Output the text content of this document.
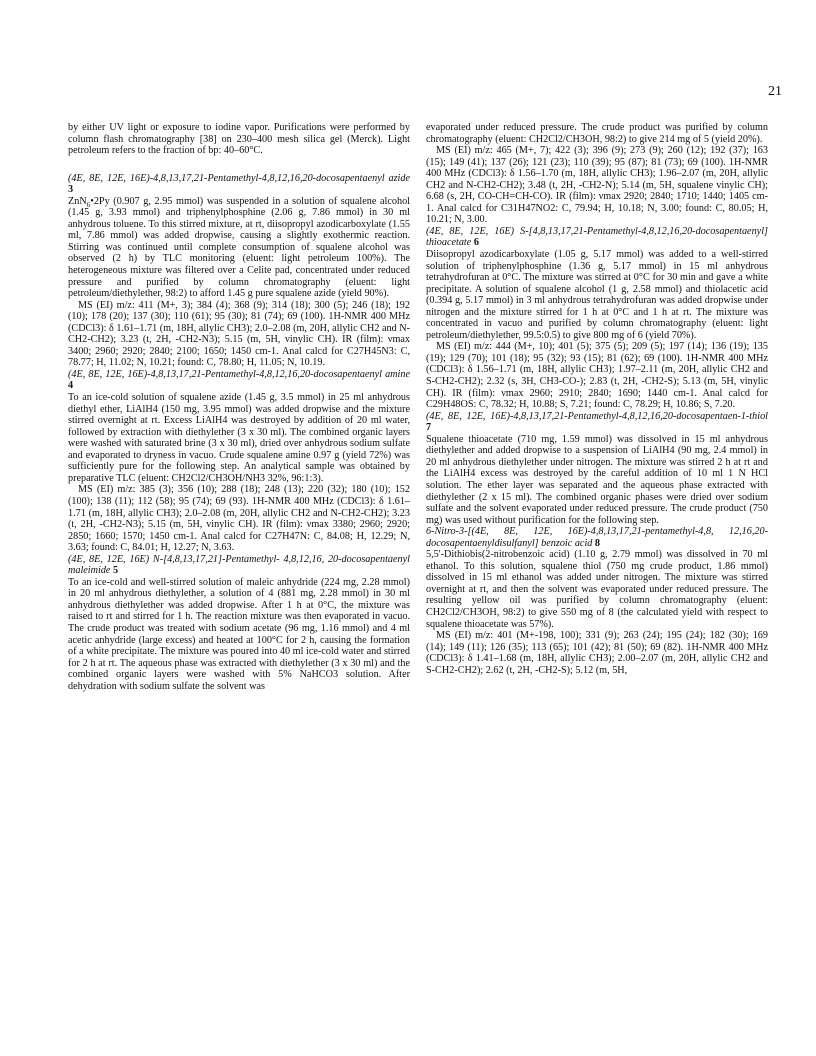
21

by either UV light or exposure to iodine vapor. Purifications were performed by column flash chromatography [38] on 230–400 mesh silica gel (Merck). Light petroleum refers to the fraction of bp: 40–60°C.

(4E, 8E, 12E, 16E)-4,8,13,17,21-Pentamethyl-4,8,12,16,20-docosapentaenyl azide 3

ZnN$_6$•2Py (0.907 g, 2.95 mmol) was suspended in a solution of squalene alcohol (1.45 g, 3.93 mmol) and triphenylphosphine (2.06 g, 7.86 mmol) in 30 ml anhydrous toluene. To this stirred mixture, at rt, diisopropyl azodicarboxylate (1.55 ml, 7.86 mmol) was added dropwise, causing a slightly exothermic reaction. Stirring was continued until complete consumption of squalene alcohol was observed (2 h) by TLC monitoring (eluent: light petroleum 100%). The heterogeneous mixture was filtered over a Celite pad, concentrated under reduced pressure and purified by column chromatography (eluent: light petroleum/diethylether, 98:2) to afford 1.45 g pure squalene azide (yield 90%).

MS (EI) m/z: 411 (M+, 3); 384 (4); 368 (9); 314 (18); 300 (5); 246 (18); 192 (10); 178 (20); 137 (30); 110 (61); 95 (30); 81 (74); 69 (100). 1H-NMR 400 MHz (CDCl3): δ 1.61–1.71 (m, 18H, allylic CH3); 2.0–2.08 (m, 20H, allylic CH2 and N-CH2-CH2); 3.23 (t, 2H, -CH2-N3); 5.15 (m, 5H, vinylic CH). IR (film): νmax 3400; 2960; 2920; 2840; 2100; 1650; 1450 cm-1. Anal calcd for C27H45N3: C, 78.77; H, 11.02; N, 10.21; found: C, 78.80; H, 11.05; N, 10.19.

(4E, 8E, 12E, 16E)-4,8,13,17,21-Pentamethyl-4,8,12,16,20-docosapentaenyl amine 4

To an ice-cold solution of squalene azide (1.45 g, 3.5 mmol) in 25 ml anhydrous diethyl ether, LiAlH4 (150 mg, 3.95 mmol) was added dropwise and the mixture stirred overnight at rt. Excess LiAlH4 was destroyed by addition of 20 ml water, followed by extraction with diethylether (3 x 30 ml). The combined organic layers were washed with saturated brine (3 x 30 ml), dried over anhydrous sodium sulfate and evaporated to dryness in vacuo. Crude squalene amine 0.97 g (yield 72%) was sufficiently pure for the following step. An analytical sample was obtained by preparative TLC (eluent: CH2Cl2/CH3OH/NH3 32%, 96:1:3).

MS (EI) m/z: 385 (3); 356 (10); 288 (18); 248 (13); 220 (32); 180 (10); 152 (100); 138 (11); 112 (58); 95 (74); 69 (93). 1H-NMR 400 MHz (CDCl3): δ 1.61–1.71 (m, 18H, allylic CH3); 2.0–2.08 (m, 20H, allylic CH2 and N-CH2-CH2); 3.23 (t, 2H, -CH2-N3); 5.15 (m, 5H, vinylic CH). IR (film): νmax 3380; 2960; 2920; 2850; 1660; 1570; 1450 cm-1. Anal calcd for C27H47N: C, 84.08; H, 12.29; N, 3.63; found: C, 84.01; H, 12.27; N, 3.63.

(4E, 8E, 12E, 16E) N-[4,8,13,17,21]-Pentamethyl- 4,8,12,16, 20-docosapentaenyl maleimide 5

To an ice-cold and well-stirred solution of maleic anhydride (224 mg, 2.28 mmol) in 20 ml anhydrous diethylether, a solution of 4 (881 mg, 2.28 mmol) in 30 ml anhydrous diethylether was added dropwise. After 1 h at 0°C, the mixture was raised to rt and stirred for 1 h. The reaction mixture was then evaporated in vacuo. The crude product was treated with sodium acetate (96 mg, 1.16 mmol) and 4 ml acetic anhydride (large excess) and heated at 100°C for 2 h, causing the formation of a white precipitate. The mixture was poured into 40 ml ice-cold water and stirred for 2 h at rt. The aqueous phase was extracted with diethylether (3 x 30 ml) and the combined organic layers were washed with 5% NaHCO3 solution. After dehydration with sodium sulfate the solvent was

evaporated under reduced pressure. The crude product was purified by column chromatography (eluent: CH2Cl2/CH3OH, 98:2) to give 214 mg of 5 (yield 20%).

MS (EI) m/z: 465 (M+, 7); 422 (3); 396 (9); 273 (9); 260 (12); 192 (37); 163 (15); 149 (41); 137 (26); 121 (23); 110 (39); 95 (87); 81 (73); 69 (100). 1H-NMR 400 MHz (CDCl3): δ 1.56–1.70 (m, 18H, allylic CH3); 1.96–2.07 (m, 20H, allylic CH2 and N-CH2-CH2); 3.48 (t, 2H, -CH2-N); 5.14 (m, 5H, squalene vinylic CH); 6.68 (s, 2H, CO-CH=CH-CO). IR (film): νmax 2920; 2840; 1710; 1440; 1405 cm-1. Anal calcd for C31H47NO2: C, 79.94; H, 10.18; N, 3.00; found: C, 80.05; H, 10.21; N, 3.00.

(4E, 8E, 12E, 16E) S-[4,8,13,17,21-Pentamethyl-4,8,12,16,20-docosapentaenyl] thioacetate 6

Diisopropyl azodicarboxylate (1.05 g, 5.17 mmol) was added to a well-stirred solution of triphenylphosphine (1.36 g, 5.17 mmol) in 15 ml anhydrous tetrahydrofuran at 0°C. The mixture was stirred at 0°C for 30 min and gave a white precipitate. A solution of squalene alcohol (1 g, 2.58 mmol) and thiolacetic acid (0.394 g, 5.17 mmol) in 3 ml anhydrous tetrahydrofuran was added dropwise under nitrogen and the mixture stirred for 1 h at 0°C and 1 h at rt. The mixture was concentrated in vacuo and purified by column chromatography (eluent: light petroleum/diethylether, 99.5:0.5) to give 800 mg of 6 (yield 70%).

MS (EI) m/z: 444 (M+, 10); 401 (5); 375 (5); 209 (5); 197 (14); 136 (19); 135 (19); 129 (70); 101 (18); 95 (32); 93 (15); 81 (62); 69 (100). 1H-NMR 400 MHz (CDCl3): δ 1.56–1.71 (m, 18H, allylic CH3); 1.97–2.11 (m, 20H, allylic CH2 and S-CH2-CH2); 2.32 (s, 3H, CH3-CO-); 2.83 (t, 2H, -CH2-S); 5.13 (m, 5H, vinylic CH). IR (film): νmax 2960; 2910; 2840; 1690; 1440 cm-1. Anal calcd for C29H48OS: C, 78.32; H, 10.88; S, 7.21; found: C, 78.29; H, 10.86; S, 7.20.

(4E, 8E, 12E, 16E)-4,8,13,17,21-Pentamethyl-4,8,12,16,20-docosapentaen-1-thiol 7

Squalene thioacetate (710 mg, 1.59 mmol) was dissolved in 15 ml anhydrous diethylether and added dropwise to a suspension of LiAlH4 (90 mg, 2.4 mmol) in 20 ml anhydrous diethylether under nitrogen. The mixture was stirred 2 h at rt and the LiAlH4 excess was destroyed by the careful addition of 10 ml 1 N HCl solution. The ether layer was separated and the aqueous phase extracted with diethylether (2 x 15 ml). The combined organic phases were dried over sodium sulfate and the solvent evaporated under reduced pressure. The crude product (750 mg) was used without purification for the following step.

6-Nitro-3-[(4E, 8E, 12E, 16E)-4,8,13,17,21-pentamethyl-4,8, 12,16,20-docosapentaenyldisulfanyl] benzoic acid 8

5,5'-Dithiobis(2-nitrobenzoic acid) (1.10 g, 2.79 mmol) was dissolved in 70 ml ethanol. To this solution, squalene thiol (750 mg crude product, 1.86 mmol) dissolved in 15 ml ethanol was added under nitrogen. The mixture was stirred overnight at rt, and then the solvent was evaporated under reduced pressure. The resulting yellow oil was purified by column chromatography (eluent: CH2Cl2/CH3OH, 98:2) to give 550 mg of 8 (the calculated yield with respect to squalene thioacetate was 57%).

MS (EI) m/z: 401 (M+-198, 100); 331 (9); 263 (24); 195 (24); 182 (30); 169 (14); 149 (11); 126 (35); 113 (65); 101 (42); 81 (50); 69 (82). 1H-NMR 400 MHz (CDCl3): δ 1.41–1.68 (m, 18H, allylic CH3); 2.00–2.07 (m, 20H, allylic CH2 and S-CH2-CH2); 2.62 (t, 2H, -CH2-S); 5.12 (m, 5H,
